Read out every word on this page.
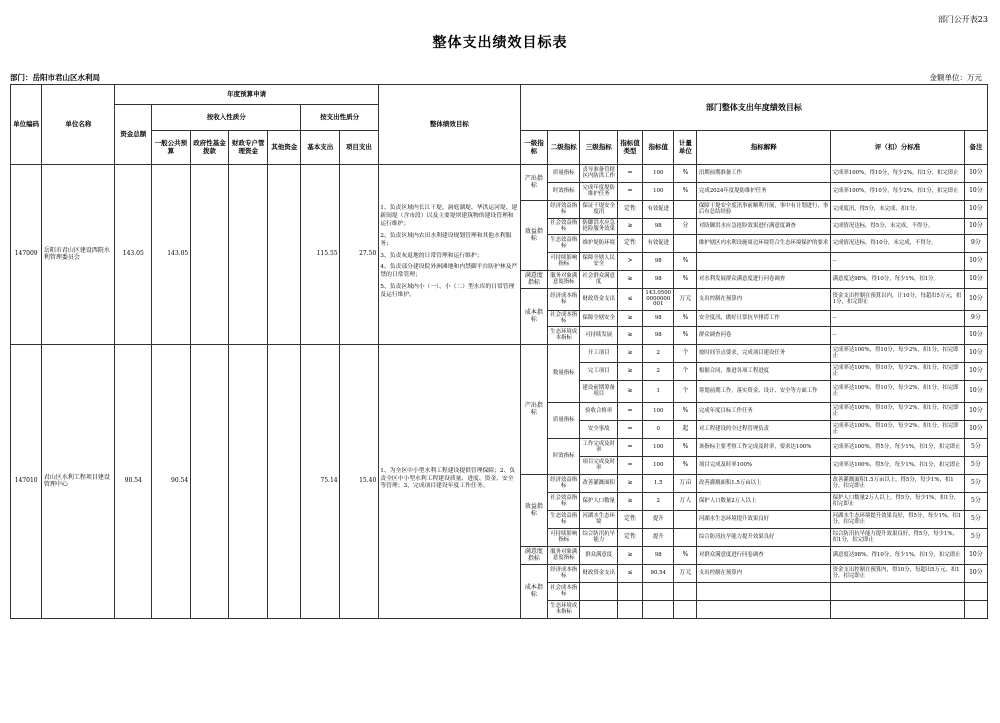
部门公开表23
整体支出绩效目标表
部门：岳阳市君山区水利局	金额单位：万元
单位编码	单位名称	年度预算申请							整体绩效目标	部门整体支出年度绩效目标								
		资金总额	按收入性质分				按支出性质分											
			一般公共预算	政府性基金拨款	财政专户管理资金	其他资金	基本支出	项目支出		一级指标	二级指标	三级指标	指标值类型	指标值	计量单位	指标解释	评（扣）分标准	备注
147009	岳阳市君山区建设西院水利管理委员会	143.05	143.05				115.55	27.50	1、负责区域内长江干堤、洞庭湖堤、华洪运河堤、建新间堤（含市段）以及主要堤坝建筑物的建设管理和运行维护；

2、负责区域内农田水利建设规划管理和其他水利服务；

3、负责灰退地的日常管理和运行维护；

4、负责部分建设院外洲滩地和内禁御平台防护林及严禁的日常管理；

5、负责区域内小（一）、小（二）型水库的日常管理及运行维护。	产出指标	质量指标	责导准备管辖区内防洪工作	=	100	%	汛期前期准备工作	完成率100%，得10分，每少2%，扣1分，扣完即止	10分
											时效指标	完成年度堤防维护任务	=	100	%	完成2024年度堤防维护任务	完成率100%，得10分，每少2%，扣1分，扣完即止	10分
										效益指标	经济效益指标	保证干堤安全度汛	定性	有效促进		保障干堤安全度汛事前顺利开展，事中有计划进行，事后有总结经验	完成度汛，得5分，未完成，扣1分。	10分
											社会效益指标	防御洪水应急抢险服务效果	≥	98	分	对防御洪水应急抢险效果进行满意度调查	完成情况达标，得5分，未完成，不得分。	10分
											生态效益指标	维护堤防环境	定性	有效促进		维护辖区内水利设施周边环境符合生态环境保护的要求	完成情况达标，得10分，未完成，不得分。	9分
											可持续影响指标	保障全辖人民安全	>	98	%		--	10分
										满意度指标	服务对象满意度指标	社会群众满意度	≥	98	%	对水利发展群众满意度进行问卷调查	满意度达98%，得10分，每少1%，扣1分。	10分
										成本指标	经济成本指标	财政资金支出	≤	143.05000000000001	万元	支出控制在预算内	资金支出控制在预算以内，计10分，每超出5万元，扣1分，扣完即止	10分
											社会成本指标	保障全辖安全	≥	98	%	安全度汛、做好日常抗旱排涝工作	--	9分
											生态环境成本指标	可持续发展	≥	98	%	群众调查问卷	--	10分
147010	君山区水利工程项目建设管理中心	90.54	90.54				75.14	15.40	1、为全区中小型水利工程建设提供管理保障；2、负责全区中小型水利工程建设质量、进度、资金、安全等管理；3、完成项目建设年度工作任务。	产出指标	数量指标	开工项目	≥	2	个	按时间节点要求，完成项目建设任务	完成率达100%，得10分，每少2%，扣1分，扣完即止	10分
												完工项目	≥	2	个	根据合同，推进各项工程进度	完成率达100%，得10分，每少2%，扣1分，扣完即止	10分
												建设前期筹备项目	≥	1	个	筹划前期工作，落实资金、设计、安全等方面工作	完成率达100%，得10分，每少2%，扣1分，扣完即止	10分
											质量指标	验收合格率	=	100	%	完成年度目标工作任务	完成率达100%，得10分，每少2%，扣1分，扣完即止	10分
												安全事故	=	0	起	对工程建设的全过程管理负责	完成率达100%，得10分，每少2%，扣1分，扣完即止	10分
											时效指标	工作完成及时率	=	100	%	该指标主要考察工作完成及时率，要求达100%	完成率达100%，得5分，每少1%，扣1分，扣完即止	5分
												项目完成及时率	=	100	%	项目完成及时率100%	完成率达100%，得5分，每少1%，扣1分，扣完即止	5分
										效益指标	经济效益指标	改善灌溉面积	≥	1.5	万亩	改善灌溉面积1.5万亩以上	改善灌溉面积1.5万亩以上，得5分，每少1%，扣1分，扣完即止	5分
											社会效益指标	保护人口数量	≥	2	万人	保护人口数量2万人以上	保护人口数量2万人以上，得5分，每少1%，扣1分，扣完即止	5分
											生态效益指标	河湖水生态环境	定性	提升		河湖水生态环境提升效果良好	河湖水生态环境提升效果良好，得5分，每少1%，扣1分，扣完即止	5分
											可持续影响指标	综合防汛抗旱能力	定性	提升		综合防汛抗旱能力提升效果良好	综合防汛抗旱能力提升效果良好，得5分，每少1%，扣1分，扣完即止	5分
										满意度指标	服务对象满意度指标	群众满意度	≥	98	%	对群众满意度进行问卷调查	满意度达98%，得10分，每少1%，扣1分，扣完即止	10分
										成本指标	经济成本指标	财政资金支出	≤	90.54	万元	支出控制在预算内	资金支出控制在预算内，得10分，每超出5万元，扣1分，扣完即止	10分
											社会成本指标							
											生态环境成本指标							
